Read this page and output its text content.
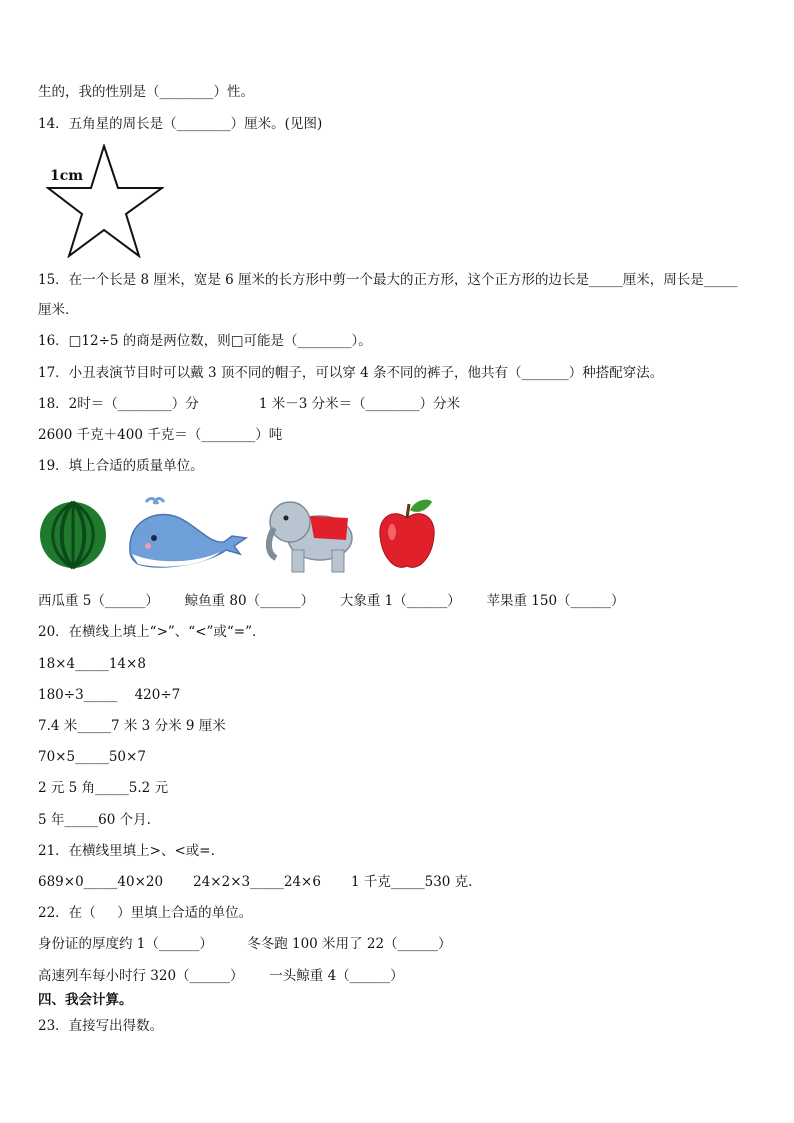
生的，我的性别是（________）性。
14．五角星的周长是（________）厘米。(见图)
1cm
15．在一个长是 8 厘米，宽是 6 厘米的长方形中剪一个最大的正方形，这个正方形的边长是_____厘米，周长是_____
厘米．
16．□12÷5 的商是两位数，则□可能是（________）。
17．小丑表演节目时可以戴 3 顶不同的帽子，可以穿 4 条不同的裤子，他共有（_______）种搭配穿法。
18．2时＝（________）分              1 米－3 分米＝（________）分米
2600 千克＋400 千克＝（________）吨
19．填上合适的质量单位。
西瓜重 5（______）      鲸鱼重 80（______）      大象重 1（______）      苹果重 150（______）
20．在横线上填上“>”、“<”或“=”.
18×4_____14×8
180÷3_____    420÷7
7.4 米_____7 米 3 分米 9 厘米
70×5_____50×7
2 元 5 角_____5.2 元
5 年_____60 个月.
21．在横线里填上>、<或=.
689×0_____40×20       24×2×3_____24×6       1 千克_____530 克.
22．在（     ）里填上合适的单位。
身份证的厚度约 1（______）        冬冬跑 100 米用了 22（______）
高速列车每小时行 320（______）      一头鲸重 4（______）
四、我会计算。
23．直接写出得数。
